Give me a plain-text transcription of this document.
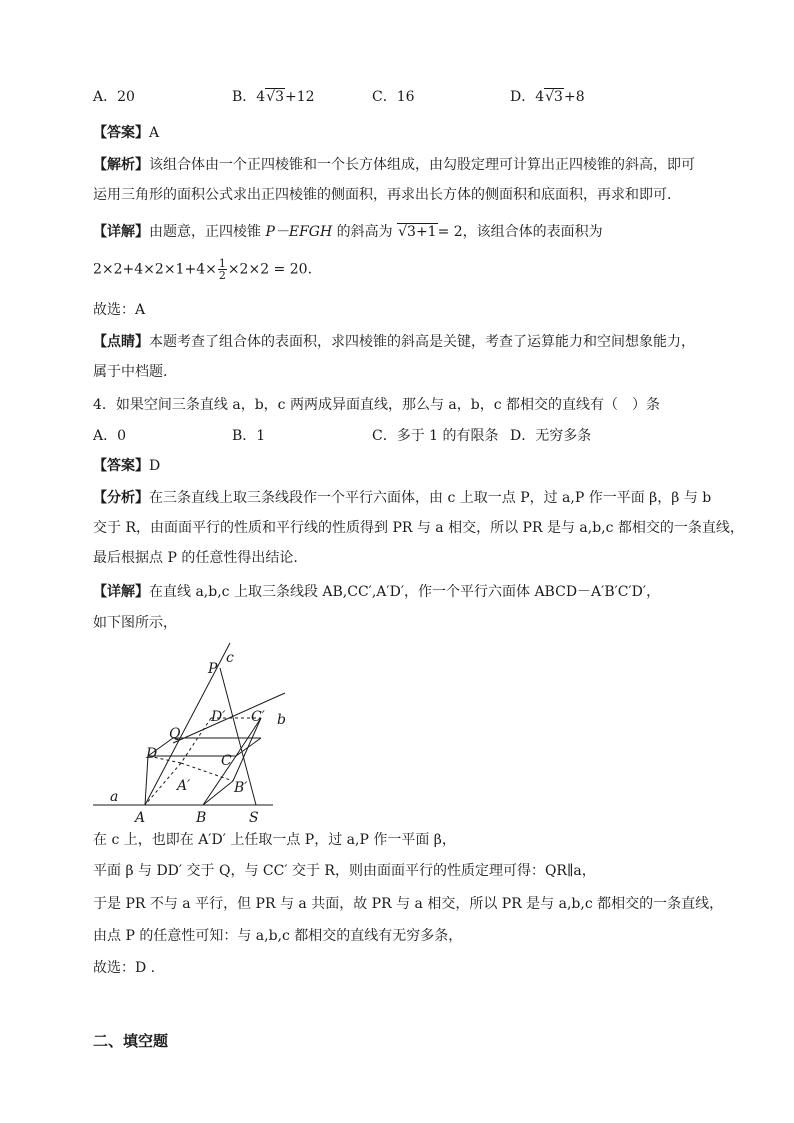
A．20	B．4√3+12	C．16	D．4√3+8
【答案】A
【解析】该组合体由一个正四棱锥和一个长方体组成，由勾股定理可计算出正四棱锥的斜高，即可
运用三角形的面积公式求出正四棱锥的侧面积，再求出长方体的侧面积和底面积，再求和即可.
【详解】由题意，正四棱锥 P－EFGH 的斜高为 √3+1= 2，该组合体的表面积为
$2\times 2+4\times 2\times 1+4\times \frac{1}{2} \times 2\times 2 = 20$.
故选：A
【点睛】本题考查了组合体的表面积，求四棱锥的斜高是关键，考查了运算能力和空间想象能力，
属于中档题.
4．如果空间三条直线 a，b，c 两两成异面直线，那么与 a，b，c 都相交的直线有（　）条
A．0	B．1	C．多于 1 的有限条 D．无穷多条
【答案】D
【分析】在三条直线上取三条线段作一个平行六面体，由 c 上取一点 P，过 a,P 作一平面 β，β 与 b
交于 R，由面面平行的性质和平行线的性质得到 PR 与 a 相交，所以 PR 是与 a,b,c 都相交的一条直线，
最后根据点 P 的任意性得出结论.
【详解】在直线 a,b,c 上取三条线段 AB,CC′,A′D′，作一个平行六面体 ABCD－A′B′C′D′，
如下图所示，
P
c
D′ C′ b
Q
D	C
A′	B′
a
A	B	S
在 c 上，也即在 A′D′ 上任取一点 P，过 a,P 作一平面 β，
平面 β 与 DD′ 交于 Q，与 CC′ 交于 R，则由面面平行的性质定理可得：QR∥a，
于是 PR 不与 a 平行，但 PR 与 a 共面，故 PR 与 a 相交，所以 PR 是与 a,b,c 都相交的一条直线，
由点 P 的任意性可知：与 a,b,c 都相交的直线有无穷多条，
故选：D .
二、填空题
